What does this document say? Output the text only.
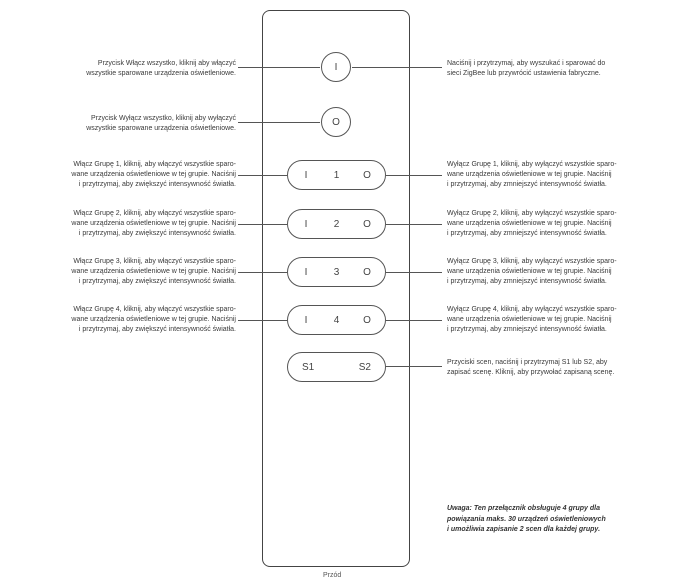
I
O
I	1 O
I	2 O
I	3 O
I	4 O
S1	S2
Przycisk Włącz wszystko, kliknij aby włączyć
wszystkie sparowane urządzenia oświetleniowe.
Przycisk Wyłącz wszystko, kliknij aby wyłączyć
wszystkie sparowane urządzenia oświetleniowe.
Włącz Grupę 1, kliknij, aby włączyć wszystkie sparo-
wane urządzenia oświetleniowe w tej grupie. Naciśnij
i przytrzymaj, aby zwiększyć intensywność światła.
Włącz Grupę 2, kliknij, aby włączyć wszystkie sparo-
wane urządzenia oświetleniowe w tej grupie. Naciśnij
i przytrzymaj, aby zwiększyć intensywność światła.
Włącz Grupę 3, kliknij, aby włączyć wszystkie sparo-
wane urządzenia oświetleniowe w tej grupie. Naciśnij
i przytrzymaj, aby zwiększyć intensywność światła.
Włącz Grupę 4, kliknij, aby włączyć wszystkie sparo-
wane urządzenia oświetleniowe w tej grupie. Naciśnij
i przytrzymaj, aby zwiększyć intensywność światła.
Naciśnij i przytrzymaj, aby wyszukać i sparować do
sieci ZigBee lub przywrócić ustawienia fabryczne.
Wyłącz Grupę 1, kliknij, aby wyłączyć wszystkie sparo-
wane urządzenia oświetleniowe w tej grupie. Naciśnij
i przytrzymaj, aby zmniejszyć intensywność światła.
Wyłącz Grupę 2, kliknij, aby wyłączyć wszystkie sparo-
wane urządzenia oświetleniowe w tej grupie. Naciśnij
i przytrzymaj, aby zmniejszyć intensywność światła.
Wyłącz Grupę 3, kliknij, aby wyłączyć wszystkie sparo-
wane urządzenia oświetleniowe w tej grupie. Naciśnij
i przytrzymaj, aby zmniejszyć intensywność światła.
Wyłącz Grupę 4, kliknij, aby wyłączyć wszystkie sparo-
wane urządzenia oświetleniowe w tej grupie. Naciśnij
i przytrzymaj, aby zmniejszyć intensywność światła.
Przyciski scen, naciśnij i przytrzymaj S1 lub S2, aby
zapisać scenę. Kliknij, aby przywołać zapisaną scenę.
Uwaga: Ten przełącznik obsługuje 4 grupy dla
powiązania maks. 30 urządzeń oświetleniowych
i umożliwia zapisanie 2 scen dla każdej grupy.
Przód
